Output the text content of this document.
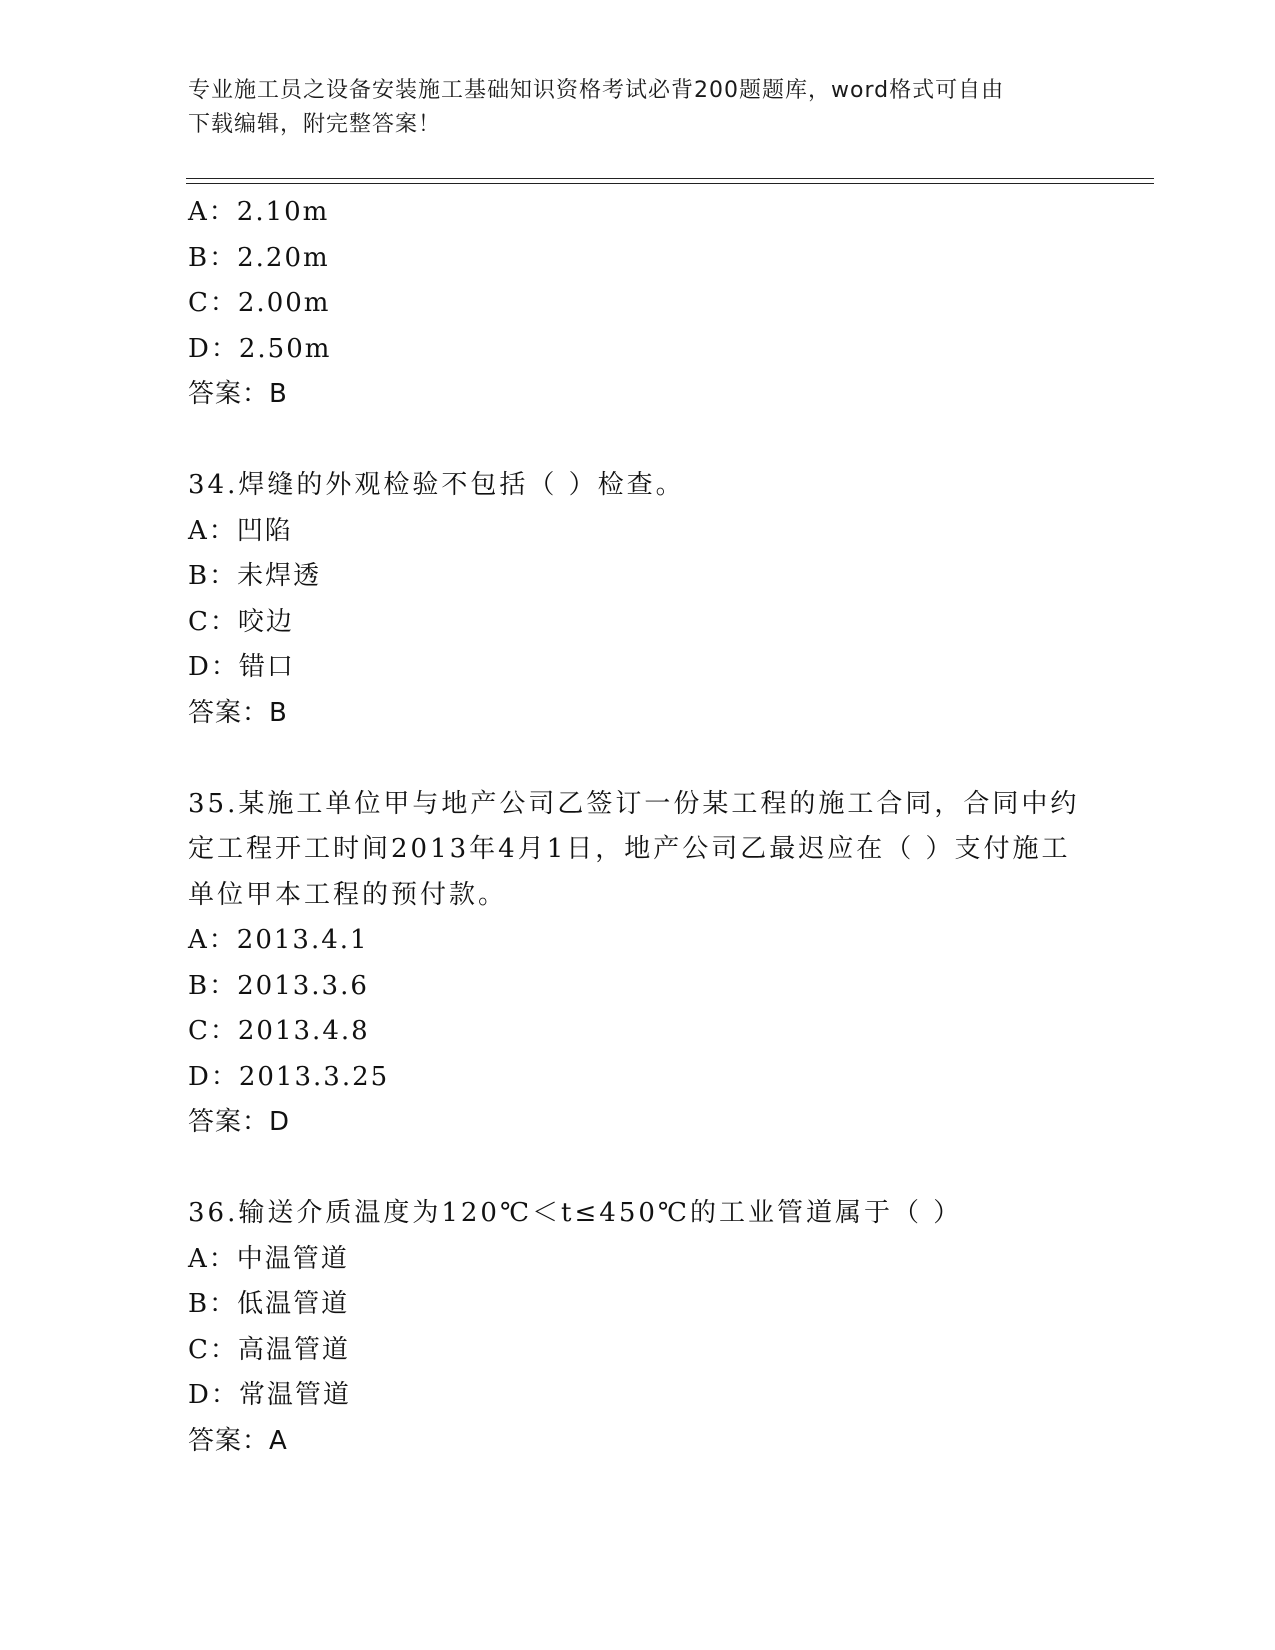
专业施工员之设备安装施工基础知识资格考试必背200题题库，word格式可自由
下载编辑，附完整答案！
A：2.10m
B：2.20m
C：2.00m
D：2.50m
答案：B
34.焊缝的外观检验不包括（ ）检查。
A：凹陷
B：未焊透
C：咬边
D：错口
答案：B
35.某施工单位甲与地产公司乙签订一份某工程的施工合同，合同中约定工程开工时间2013年4月1日，地产公司乙最迟应在（ ）支付施工单位甲本工程的预付款。
A：2013.4.1
B：2013.3.6
C：2013.4.8
D：2013.3.25
答案：D
36.输送介质温度为120℃＜t≤450℃的工业管道属于（ ）
A：中温管道
B：低温管道
C：高温管道
D：常温管道
答案：A
